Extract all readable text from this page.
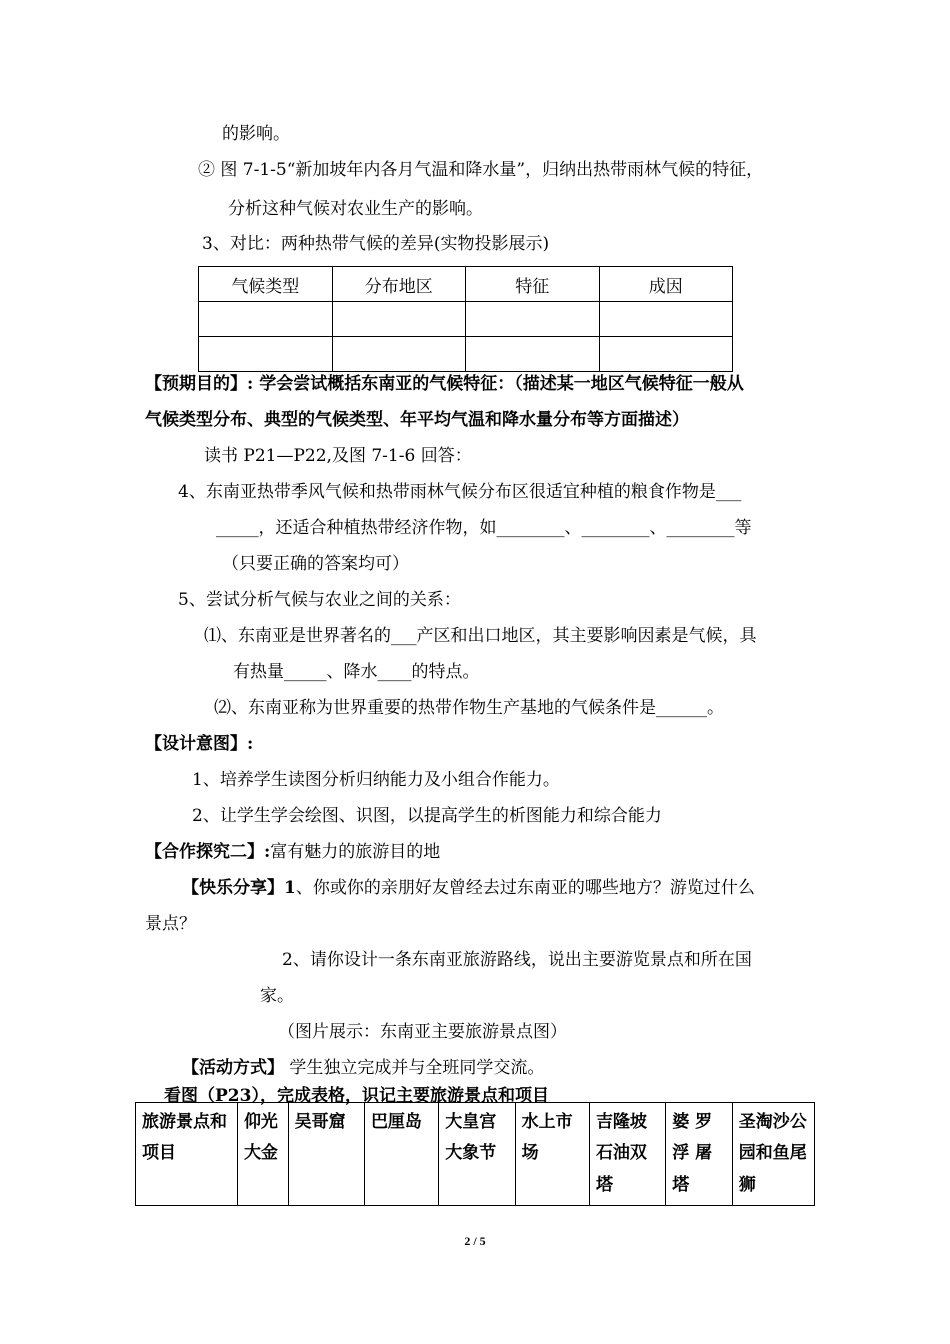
的影响。
② 图 7-1-5“新加坡年内各月气温和降水量”，归纳出热带雨林气候的特征，
分析这种气候对农业生产的影响。
3、对比：两种热带气候的差异(实物投影展示)
气候类型	分布地区	特征	成因

【预期目的】: 学会尝试概括东南亚的气候特征：（描述某一地区气候特征一般从
气候类型分布、典型的气候类型、年平均气温和降水量分布等方面描述）
读书 P21—P22,及图 7-1-6 回答：
4、东南亚热带季风气候和热带雨林气候分布区很适宜种植的粮食作物是___
_____，还适合种植热带经济作物，如________、________、________等
（只要正确的答案均可）
5、尝试分析气候与农业之间的关系：
⑴、东南亚是世界著名的___产区和出口地区，其主要影响因素是气候，具
有热量_____、降水____的特点。
⑵、东南亚称为世界重要的热带作物生产基地的气候条件是______。
【设计意图】:
1、培养学生读图分析归纳能力及小组合作能力。
2、让学生学会绘图、识图，以提高学生的析图能力和综合能力
【合作探究二】:富有魅力的旅游目的地
【快乐分享】1、你或你的亲朋好友曾经去过东南亚的哪些地方？游览过什么
景点？
2、请你设计一条东南亚旅游路线，说出主要游览景点和所在国
家。
（图片展示：东南亚主要旅游景点图）
【活动方式】 学生独立完成并与全班同学交流。
看图（P23），完成表格，识记主要旅游景点和项目
旅游景点和项目	仰光大金	吴哥窟	巴厘岛	大皇宫大象节	水上市场	吉隆坡石油双塔	婆 罗 浮 屠 塔	圣淘沙公园和鱼尾狮
2 / 5
